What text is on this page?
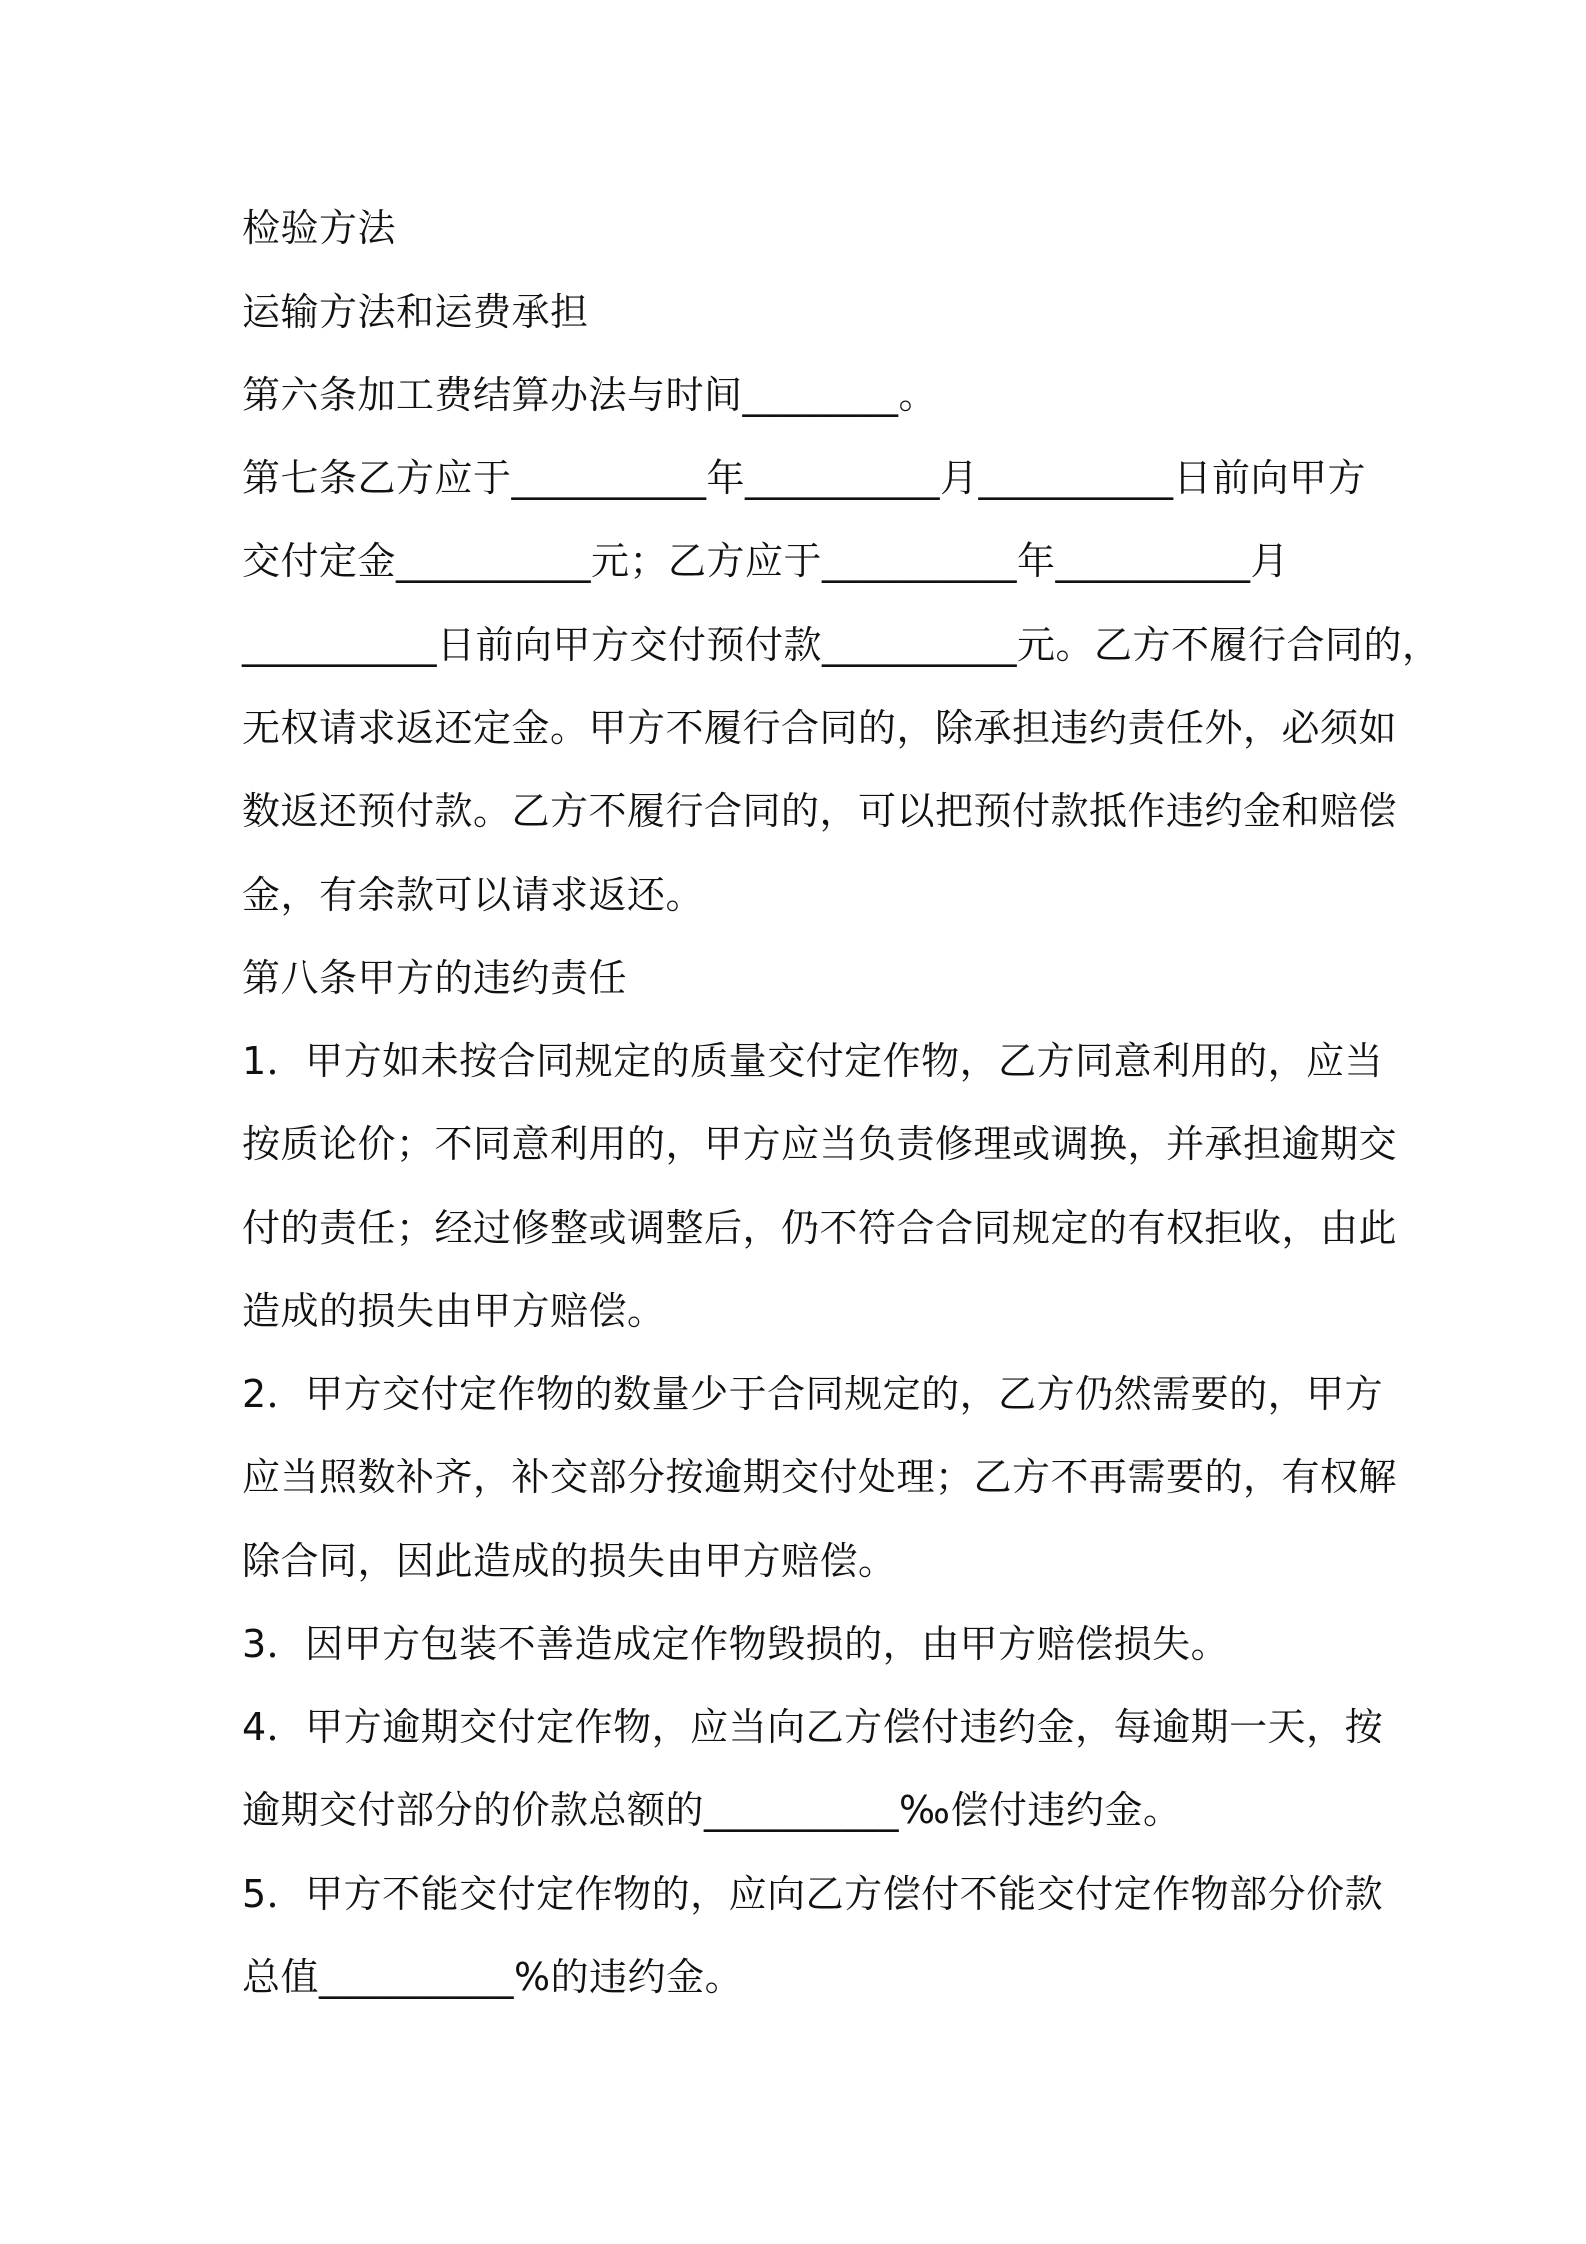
检验方法
运输方法和运费承担
第六条加工费结算办法与时间________。
第七条乙方应于__________年__________月__________日前向甲方
交付定金__________元；乙方应于__________年__________月
__________日前向甲方交付预付款__________元。乙方不履行合同的，
无权请求返还定金。甲方不履行合同的，除承担违约责任外，必须如
数返还预付款。乙方不履行合同的，可以把预付款抵作违约金和赔偿
金，有余款可以请求返还。
第八条甲方的违约责任
1．甲方如未按合同规定的质量交付定作物，乙方同意利用的，应当
按质论价；不同意利用的，甲方应当负责修理或调换，并承担逾期交
付的责任；经过修整或调整后，仍不符合合同规定的有权拒收，由此
造成的损失由甲方赔偿。
2．甲方交付定作物的数量少于合同规定的，乙方仍然需要的，甲方
应当照数补齐，补交部分按逾期交付处理；乙方不再需要的，有权解
除合同，因此造成的损失由甲方赔偿。
3．因甲方包装不善造成定作物毁损的，由甲方赔偿损失。
4．甲方逾期交付定作物，应当向乙方偿付违约金，每逾期一天，按
逾期交付部分的价款总额的__________‰偿付违约金。
5．甲方不能交付定作物的，应向乙方偿付不能交付定作物部分价款
总值__________%的违约金。
